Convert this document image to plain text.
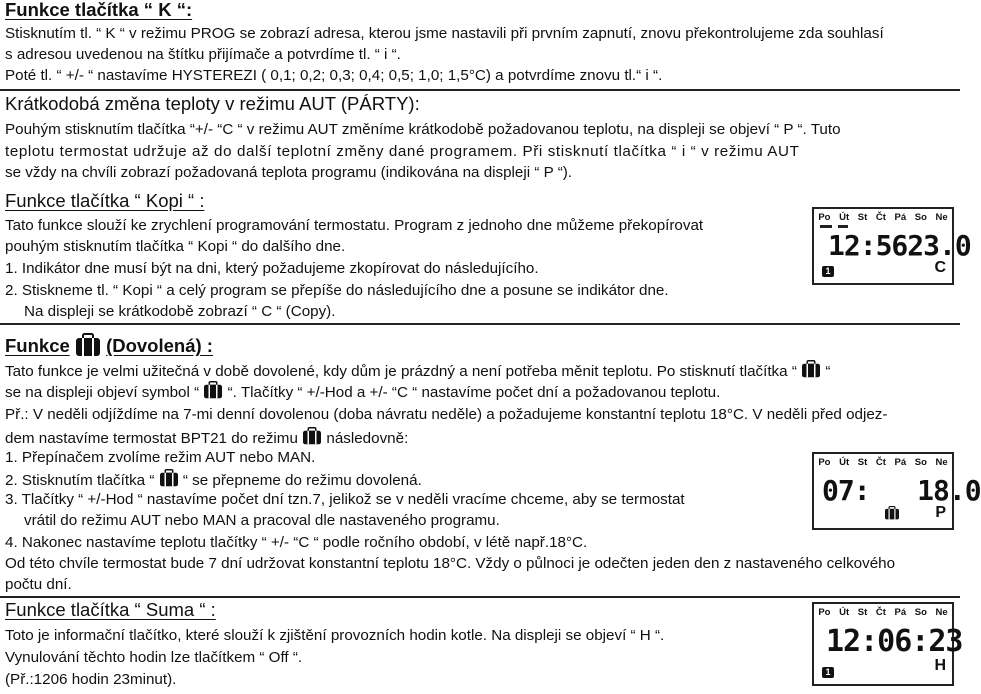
Funkce tlačítka “ K “:
Stisknutím tl. “ K “ v režimu PROG se zobrazí adresa, kterou jsme nastavili při prvním zapnutí, znovu překontrolujeme zda souhlasí
s adresou uvedenou na štítku přijímače a potvrdíme tl. “ i “.
Poté tl. “ +/- “ nastavíme HYSTEREZI ( 0,1; 0,2; 0,3; 0,4; 0,5; 1,0; 1,5°C) a potvrdíme znovu tl.“ i “.
Krátkodobá změna teploty v režimu AUT (PÁRTY):
Pouhým stisknutím tlačítka “+/- “C “ v režimu AUT změníme krátkodobě požadovanou teplotu, na displeji se objeví “ P “. Tuto
teplotu termostat udržuje až do další teplotní změny dané programem. Při stisknutí tlačítka “ i “ v režimu AUT
se vždy na chvíli zobrazí požadovaná teplota programu (indikována na displeji “ P “).
Funkce tlačítka “ Kopi “ :
Tato funkce slouží ke zrychlení programování termostatu. Program z jednoho dne můžeme překopírovat
pouhým stisknutím tlačítka “ Kopi “ do dalšího dne.
1. Indikátor dne musí být na dni, který požadujeme zkopírovat do následujícího.
2. Stiskneme tl. “ Kopi “ a celý program se přepíše do následujícího dne a posune se indikátor dne.
Na displeji se krátkodobě zobrazí “ C “ (Copy).
Po Út St Čt Pá So Ne
12:5623.0
1	C
Funkce (Dovolená) :
Tato funkce je velmi užitečná v době dovolené, kdy dům je prázdný a není potřeba měnit teplotu. Po stisknutí tlačítka “ “
se na displeji objeví symbol “ “. Tlačítky “ +/-Hod a +/- “C “ nastavíme počet dní a požadovanou teplotu.
Př.: V neděli odjíždíme na 7-mi denní dovolenou (doba návratu neděle) a požadujeme konstantní teplotu 18°C. V neděli před odjez-
dem nastavíme termostat BPT21 do režimu následovně:
1. Přepínačem zvolíme režim AUT nebo MAN.
2. Stisknutím tlačítka “ “ se přepneme do režimu dovolená.
3. Tlačítky “ +/-Hod “ nastavíme počet dní tzn.7, jelikož se v neděli vracíme chceme, aby se termostat
vrátil do režimu AUT nebo MAN a pracoval dle nastaveného programu.
4. Nakonec nastavíme teplotu tlačítky “ +/- “C “ podle ročního období, v létě např.18°C.
Od této chvíle termostat bude 7 dní udržovat konstantní teplotu 18°C. Vždy o půlnoci je odečten jeden den z nastaveného celkového
počtu dní.
Po Út St Čt Pá So Ne
07:   18.0
P
Funkce tlačítka “ Suma “ :
Toto je informační tlačítko, které slouží k zjištění provozních hodin kotle. Na displeji se objeví “ H “.
Vynulování těchto hodin lze tlačítkem “ Off “.
(Př.:1206 hodin 23minut).
Po Út St Čt Pá So Ne
12:06:23
1	H
